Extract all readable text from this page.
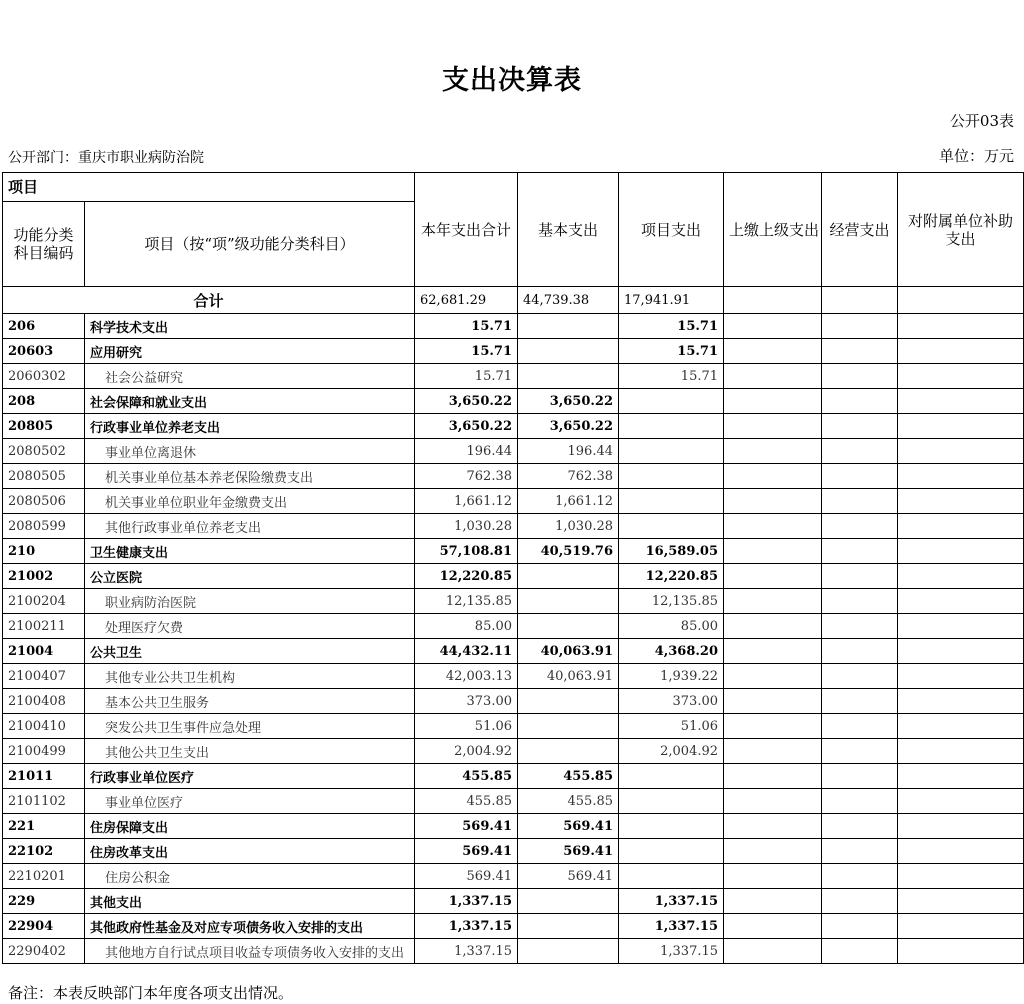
支出决算表
公开03表
公开部门：重庆市职业病防治院	单位：万元
项目		本年支出合计	基本支出	项目支出	上缴上级支出	经营支出	对附属单位补助支出
功能分类科目编码	项目（按“项”级功能分类科目）						
合计		62,681.29	44,739.38	17,941.91			
206	科学技术支出	15.71		15.71			
20603	应用研究	15.71		15.71			
2060302	社会公益研究	15.71		15.71			
208	社会保障和就业支出	3,650.22	3,650.22				
20805	行政事业单位养老支出	3,650.22	3,650.22				
2080502	事业单位离退休	196.44	196.44				
2080505	机关事业单位基本养老保险缴费支出	762.38	762.38				
2080506	机关事业单位职业年金缴费支出	1,661.12	1,661.12				
2080599	其他行政事业单位养老支出	1,030.28	1,030.28				
210	卫生健康支出	57,108.81	40,519.76	16,589.05			
21002	公立医院	12,220.85		12,220.85			
2100204	职业病防治医院	12,135.85		12,135.85			
2100211	处理医疗欠费	85.00		85.00			
21004	公共卫生	44,432.11	40,063.91	4,368.20			
2100407	其他专业公共卫生机构	42,003.13	40,063.91	1,939.22			
2100408	基本公共卫生服务	373.00		373.00			
2100410	突发公共卫生事件应急处理	51.06		51.06			
2100499	其他公共卫生支出	2,004.92		2,004.92			
21011	行政事业单位医疗	455.85	455.85				
2101102	事业单位医疗	455.85	455.85				
221	住房保障支出	569.41	569.41				
22102	住房改革支出	569.41	569.41				
2210201	住房公积金	569.41	569.41				
229	其他支出	1,337.15		1,337.15			
22904	其他政府性基金及对应专项债务收入安排的支出	1,337.15		1,337.15			
2290402	其他地方自行试点项目收益专项债务收入安排的支出	1,337.15		1,337.15			
备注：本表反映部门本年度各项支出情况。
